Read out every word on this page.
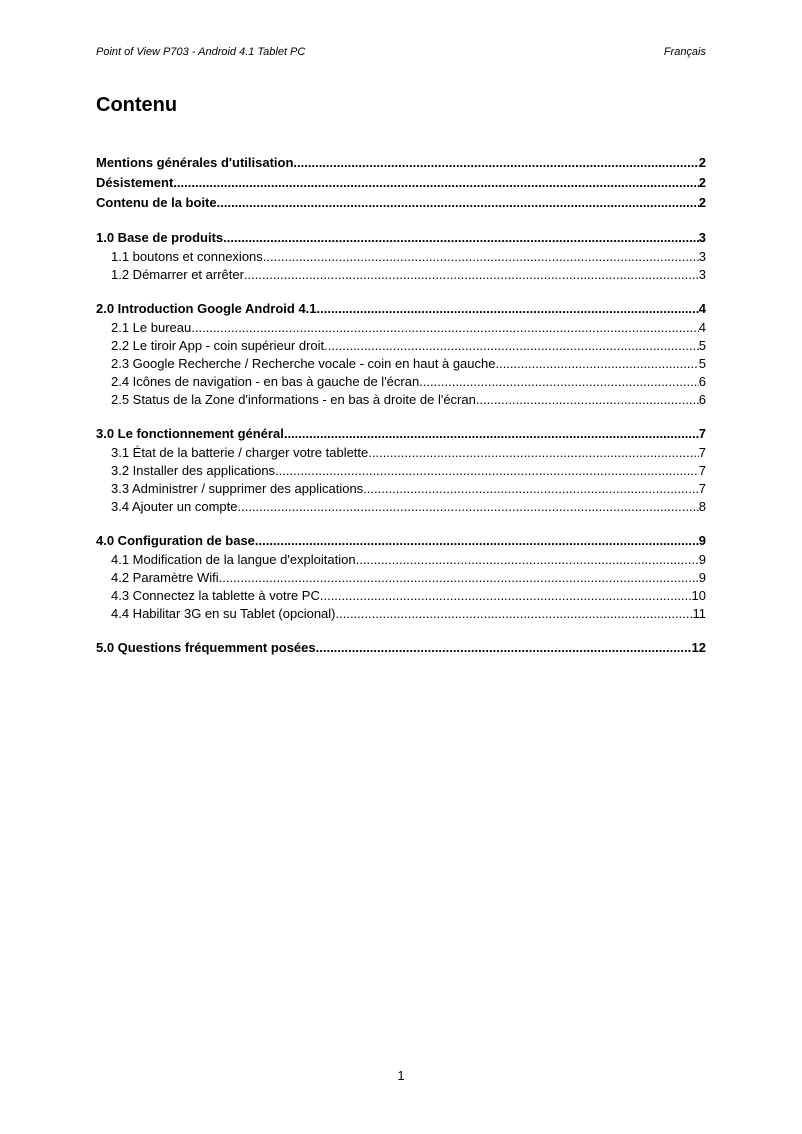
Point of View P703 - Android 4.1 Tablet PC	Français
Contenu
Mentions générales d'utilisation .....	2
Désistement .....	2
Contenu de la boite .....	2
1.0 Base de produits .....	3
1.1 boutons et connexions .....	3
1.2 Démarrer et arrêter .....	3
2.0 Introduction Google Android 4.1 .....	4
2.1 Le bureau .....	4
2.2 Le tiroir App - coin supérieur droit .....	5
2.3 Google Recherche / Recherche vocale - coin en haut à gauche .....	5
2.4 Icônes de navigation - en bas à gauche de l'écran .....	6
2.5 Status de la Zone d'informations - en bas à droite de l'écran .....	6
3.0 Le fonctionnement général .....	7
3.1 État de la batterie / charger votre tablette .....	7
3.2 Installer des applications .....	7
3.3 Administrer / supprimer des applications .....	7
3.4 Ajouter un compte .....	8
4.0 Configuration de base .....	9
4.1 Modification de la langue d'exploitation .....	9
4.2 Paramètre Wifi .....	9
4.3 Connectez la tablette à votre PC .....	10
4.4 Habilitar 3G en su Tablet (opcional) .....	11
5.0 Questions fréquemment posées .....	12
1
